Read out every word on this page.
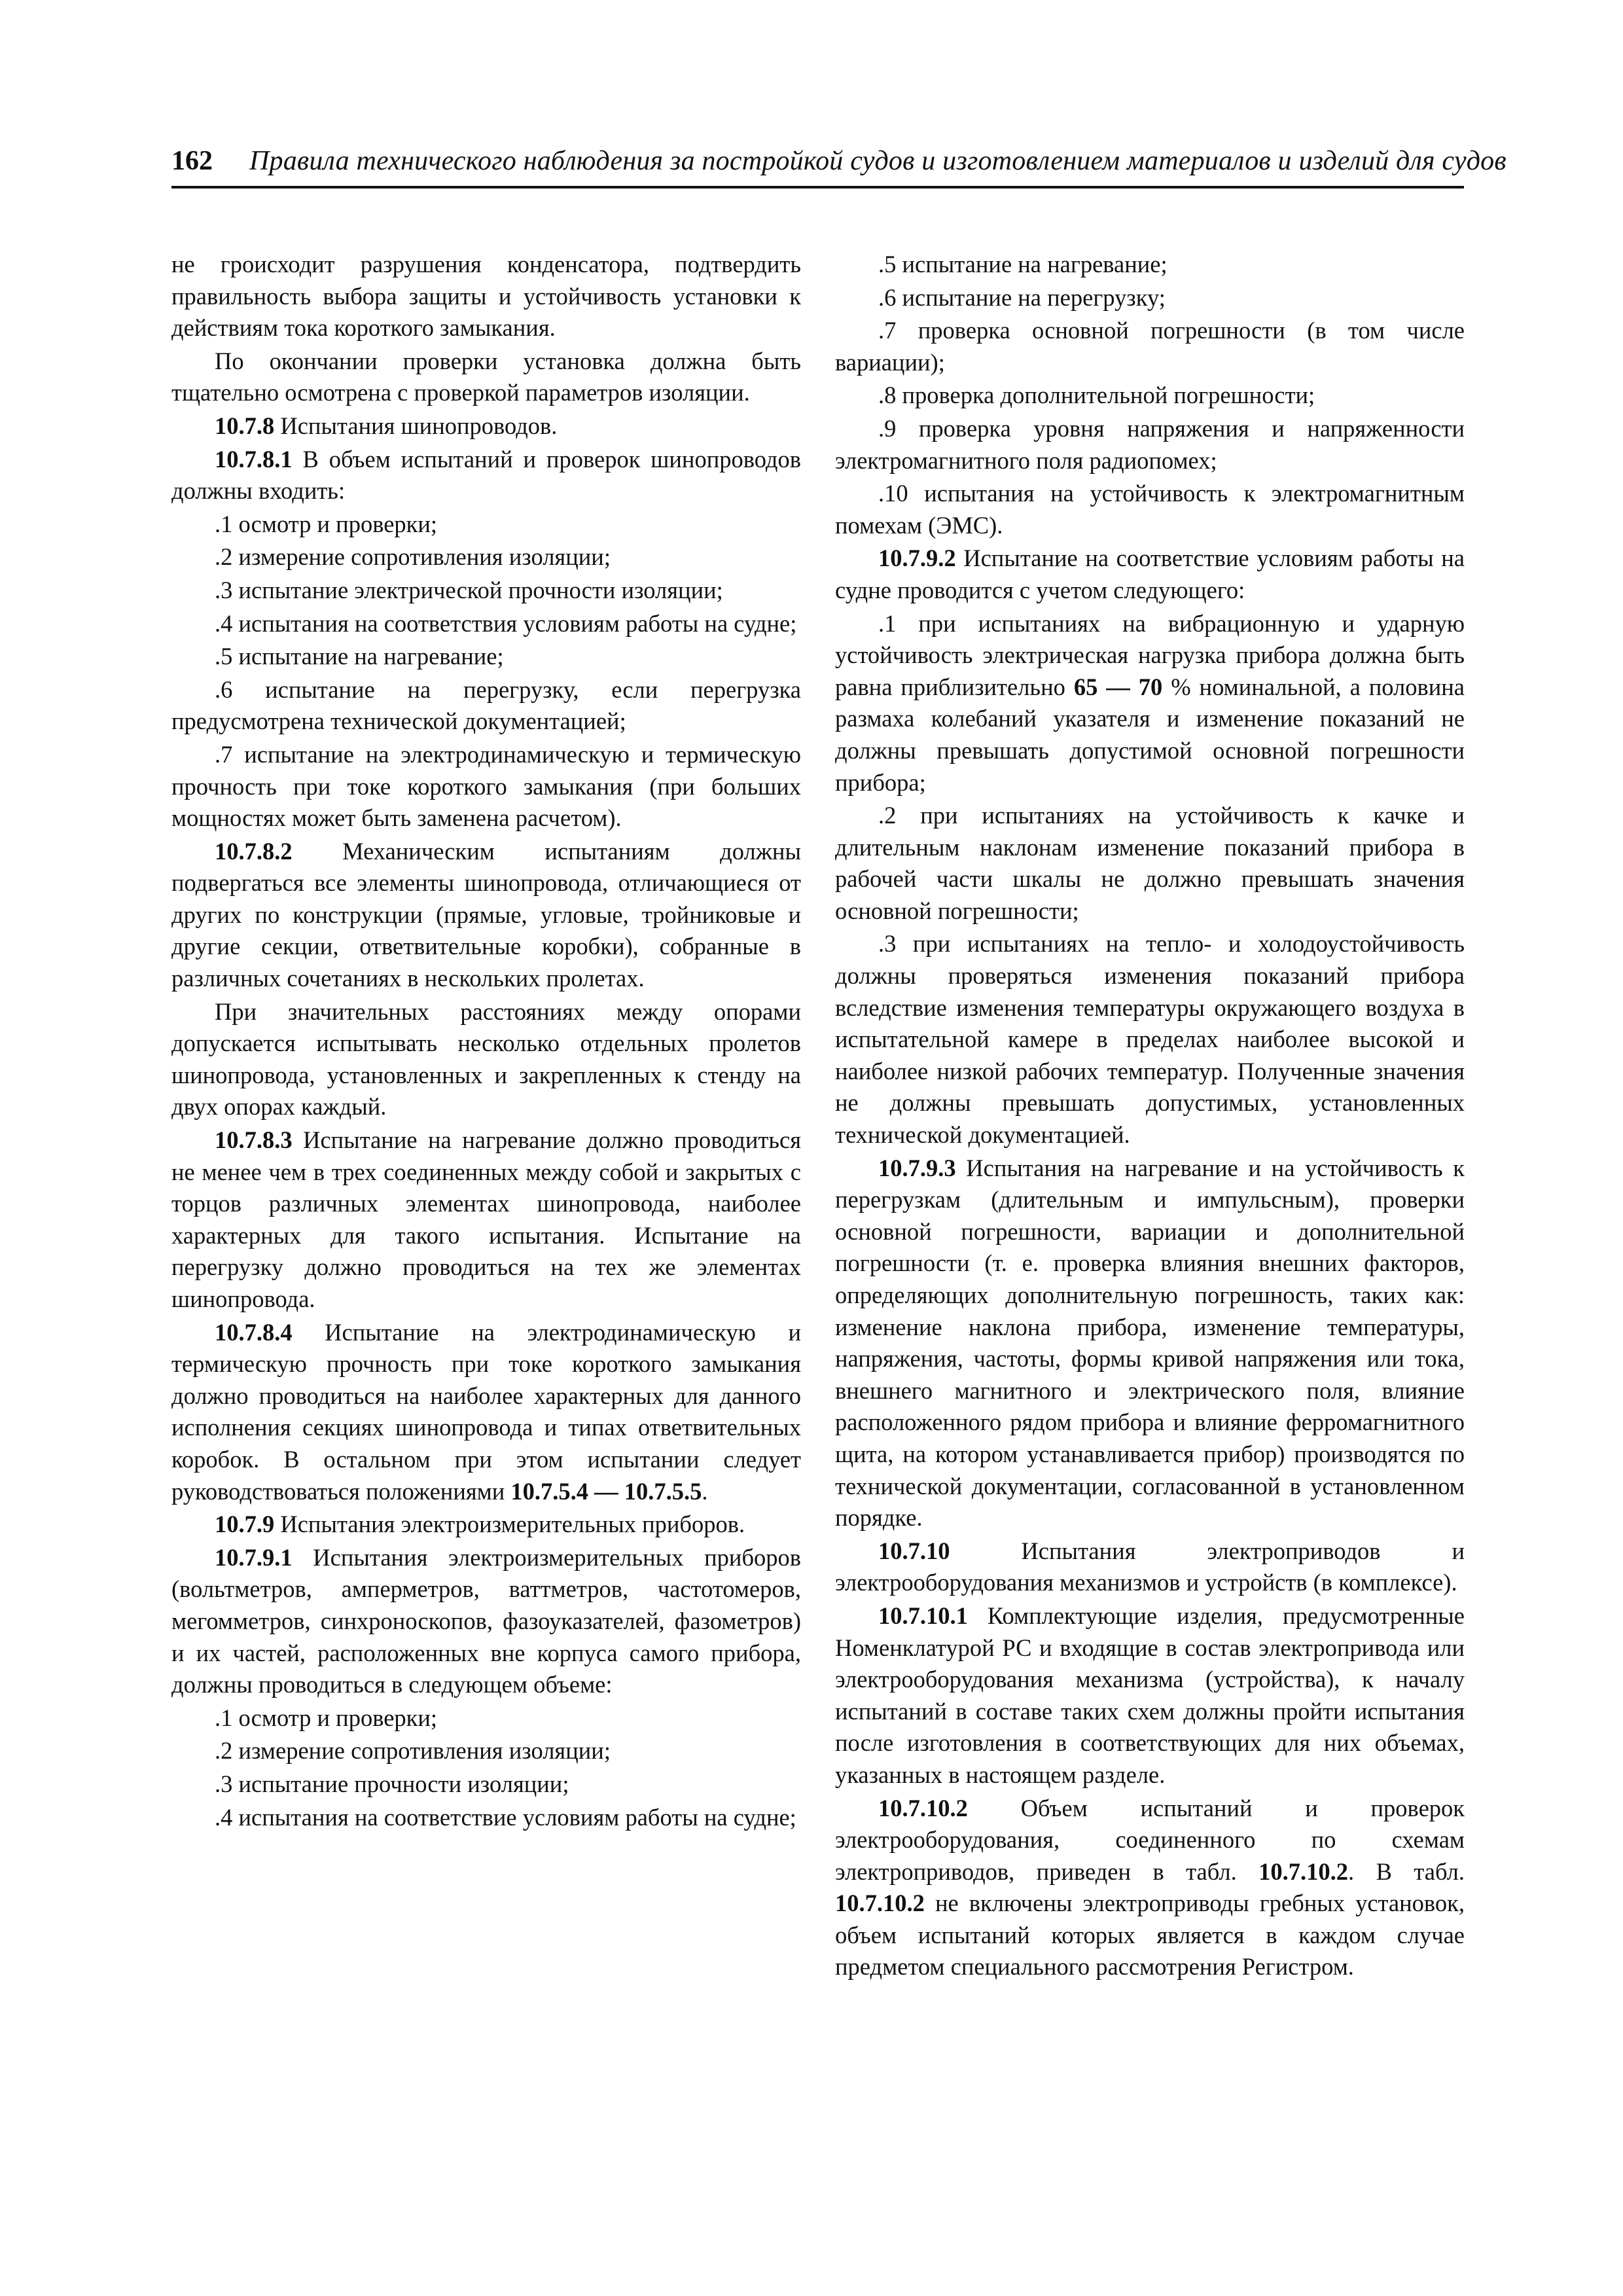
162 Правила технического наблюдения за постройкой судов и изготовлением материалов и изделий для судов

не гроисходит разрушения конденсатора, подтвердить правильность выбора защиты и устойчивость установки к действиям тока короткого замыкания.

По окончании проверки установка должна быть тщательно осмотрена с проверкой параметров изоляции.

10.7.8 Испытания шинопроводов.

10.7.8.1 В объем испытаний и проверок шинопроводов должны входить:

.1 осмотр и проверки;

.2 измерение сопротивления изоляции;

.3 испытание электрической прочности изоляции;

.4 испытания на соответствия условиям работы на судне;

.5 испытание на нагревание;

.6 испытание на перегрузку, если перегрузка предусмотрена технической документацией;

.7 испытание на электродинамическую и термическую прочность при токе короткого замыкания (при больших мощностях может быть заменена расчетом).

10.7.8.2 Механическим испытаниям должны подвергаться все элементы шинопровода, отличающиеся от других по конструкции (прямые, угловые, тройниковые и другие секции, ответвительные коробки), собранные в различных сочетаниях в нескольких пролетах.

При значительных расстояниях между опорами допускается испытывать несколько отдельных пролетов шинопровода, установленных и закрепленных к стенду на двух опорах каждый.

10.7.8.3 Испытание на нагревание должно проводиться не менее чем в трех соединенных между собой и закрытых с торцов различных элементах шинопровода, наиболее характерных для такого испытания. Испытание на перегрузку должно проводиться на тех же элементах шинопровода.

10.7.8.4 Испытание на электродинамическую и термическую прочность при токе короткого замыкания должно проводиться на наиболее характерных для данного исполнения секциях шинопровода и типах ответвительных коробок. В остальном при этом испытании следует руководствоваться положениями 10.7.5.4 — 10.7.5.5.

10.7.9 Испытания электроизмерительных приборов.

10.7.9.1 Испытания электроизмерительных приборов (вольтметров, амперметров, ваттметров, частотомеров, мегомметров, синхроноскопов, фазоуказателей, фазометров) и их частей, расположенных вне корпуса самого прибора, должны проводиться в следующем объеме:

.1 осмотр и проверки;

.2 измерение сопротивления изоляции;

.3 испытание прочности изоляции;

.4 испытания на соответствие условиям работы на судне;

.5 испытание на нагревание;

.6 испытание на перегрузку;

.7 проверка основной погрешности (в том числе вариации);

.8 проверка дополнительной погрешности;

.9 проверка уровня напряжения и напряженности электромагнитного поля радиопомех;

.10 испытания на устойчивость к электромагнитным помехам (ЭМС).

10.7.9.2 Испытание на соответствие условиям работы на судне проводится с учетом следующего:

.1 при испытаниях на вибрационную и ударную устойчивость электрическая нагрузка прибора должна быть равна приблизительно 65 — 70 % номинальной, а половина размаха колебаний указателя и изменение показаний не должны превышать допустимой основной погрешности прибора;

.2 при испытаниях на устойчивость к качке и длительным наклонам изменение показаний прибора в рабочей части шкалы не должно превышать значения основной погрешности;

.3 при испытаниях на тепло- и холодоустойчивость должны проверяться изменения показаний прибора вследствие изменения температуры окружающего воздуха в испытательной камере в пределах наиболее высокой и наиболее низкой рабочих температур. Полученные значения не должны превышать допустимых, установленных технической документацией.

10.7.9.3 Испытания на нагревание и на устойчивость к перегрузкам (длительным и импульсным), проверки основной погрешности, вариации и дополнительной погрешности (т. е. проверка влияния внешних факторов, определяющих дополнительную погрешность, таких как: изменение наклона прибора, изменение температуры, напряжения, частоты, формы кривой напряжения или тока, внешнего магнитного и электрического поля, влияние расположенного рядом прибора и влияние ферромагнитного щита, на котором устанавливается прибор) производятся по технической документации, согласованной в установленном порядке.

10.7.10 Испытания электроприводов и электрооборудования механизмов и устройств (в комплексе).

10.7.10.1 Комплектующие изделия, предусмотренные Номенклатурой РС и входящие в состав электропривода или электрооборудования механизма (устройства), к началу испытаний в составе таких схем должны пройти испытания после изготовления в соответствующих для них объемах, указанных в настоящем разделе.

10.7.10.2 Объем испытаний и проверок электрооборудования, соединенного по схемам электроприводов, приведен в табл. 10.7.10.2. В табл. 10.7.10.2 не включены электроприводы гребных установок, объем испытаний которых является в каждом случае предметом специального рассмотрения Регистром.
